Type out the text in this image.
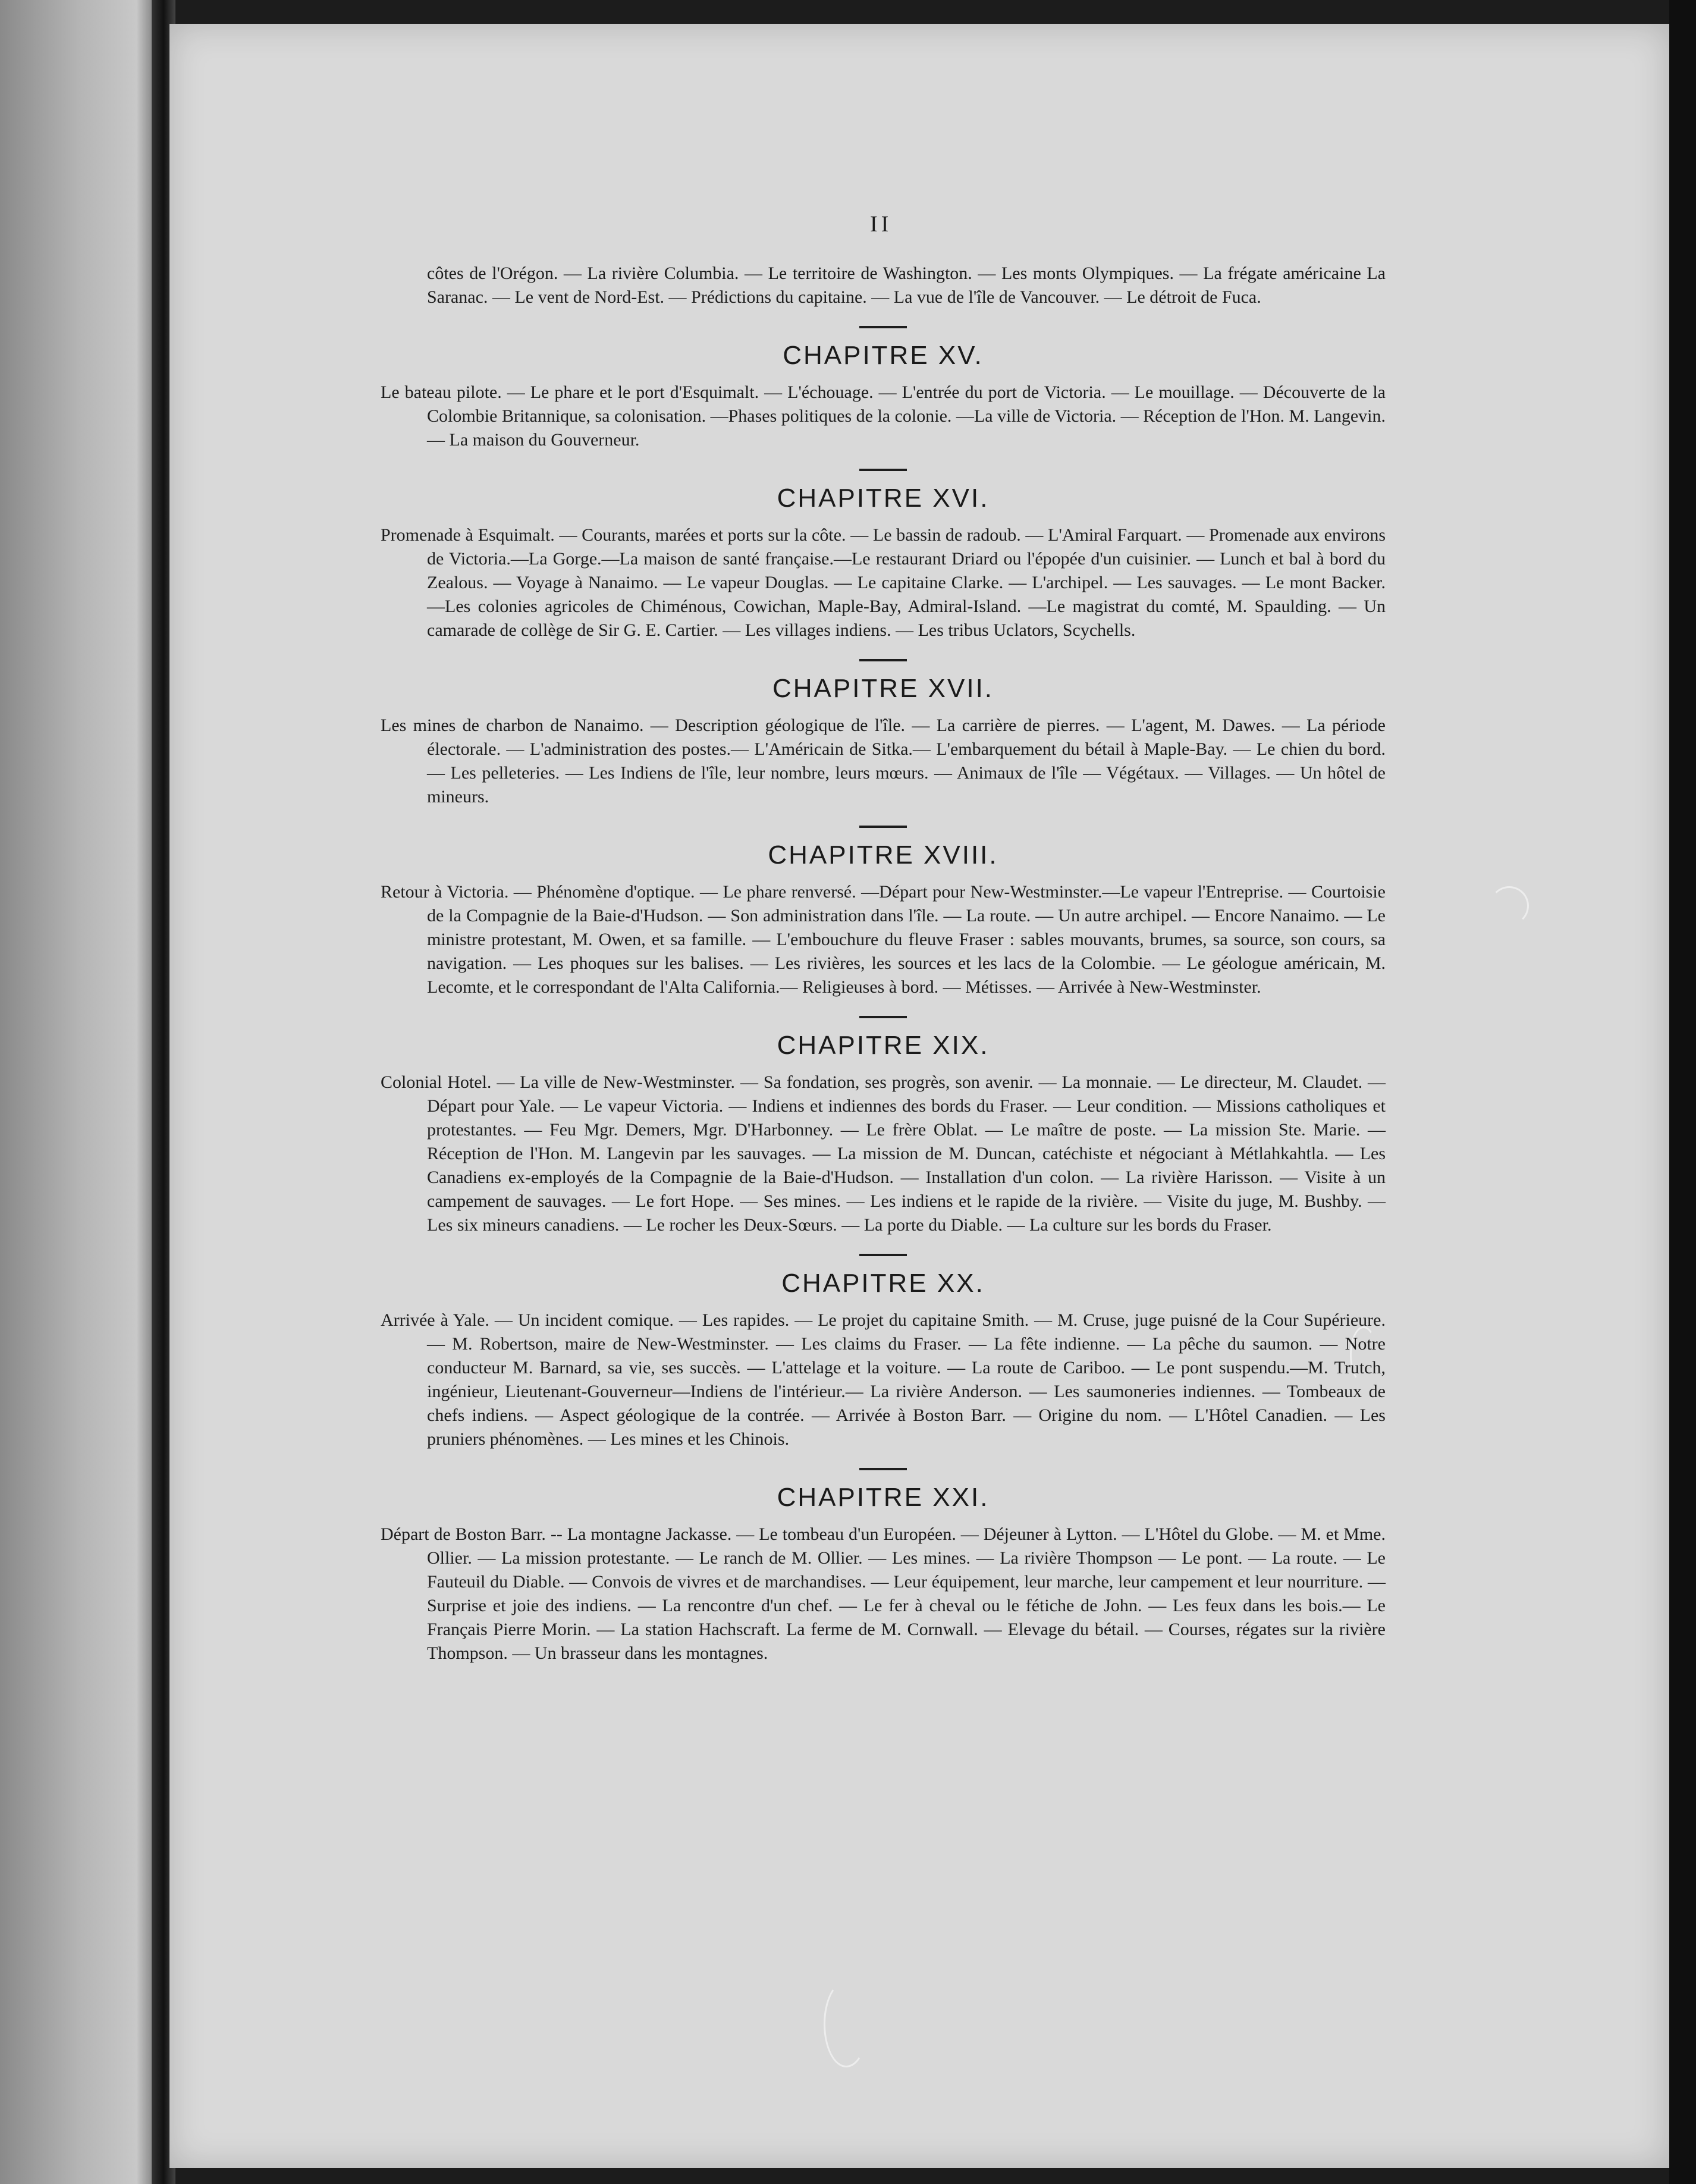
II

côtes de l'Orégon. — La rivière Columbia. — Le territoire de Washington. — Les monts Olympiques. — La frégate américaine La Saranac. — Le vent de Nord-Est. — Prédictions du capitaine. — La vue de l'île de Vancouver. — Le détroit de Fuca.

CHAPITRE XV.

Le bateau pilote. — Le phare et le port d'Esquimalt. — L'échouage. — L'entrée du port de Victoria. — Le mouillage. — Découverte de la Colombie Britannique, sa colonisation. —Phases politiques de la colonie. —La ville de Victoria. — Réception de l'Hon. M. Langevin. — La maison du Gouverneur.

CHAPITRE XVI.

Promenade à Esquimalt. — Courants, marées et ports sur la côte. — Le bassin de radoub. — L'Amiral Farquart. — Promenade aux environs de Victoria.—La Gorge.—La maison de santé française.—Le restaurant Driard ou l'épopée d'un cuisinier. — Lunch et bal à bord du Zealous. — Voyage à Nanaimo. — Le vapeur Douglas. — Le capitaine Clarke. — L'archipel. — Les sauvages. — Le mont Backer. —Les colonies agricoles de Chiménous, Cowichan, Maple-Bay, Admiral-Island. —Le magistrat du comté, M. Spaulding. — Un camarade de collège de Sir G. E. Cartier. — Les villages indiens. — Les tribus Uclators, Scychells.

CHAPITRE XVII.

Les mines de charbon de Nanaimo. — Description géologique de l'île. — La carrière de pierres. — L'agent, M. Dawes. — La période électorale. — L'administration des postes.— L'Américain de Sitka.— L'embarquement du bétail à Maple-Bay. — Le chien du bord. — Les pelleteries. — Les Indiens de l'île, leur nombre, leurs mœurs. — Animaux de l'île — Végétaux. — Villages. — Un hôtel de mineurs.

CHAPITRE XVIII.

Retour à Victoria. — Phénomène d'optique. — Le phare renversé. —Départ pour New-Westminster.—Le vapeur l'Entreprise. — Courtoisie de la Compagnie de la Baie-d'Hudson. — Son administration dans l'île. — La route. — Un autre archipel. — Encore Nanaimo. — Le ministre protestant, M. Owen, et sa famille. — L'embouchure du fleuve Fraser : sables mouvants, brumes, sa source, son cours, sa navigation. — Les phoques sur les balises. — Les rivières, les sources et les lacs de la Colombie. — Le géologue américain, M. Lecomte, et le correspondant de l'Alta California.— Religieuses à bord. — Métisses. — Arrivée à New-Westminster.

CHAPITRE XIX.

Colonial Hotel. — La ville de New-Westminster. — Sa fondation, ses progrès, son avenir. — La monnaie. — Le directeur, M. Claudet. — Départ pour Yale. — Le vapeur Victoria. — Indiens et indiennes des bords du Fraser. — Leur condition. — Missions catholiques et protestantes. — Feu Mgr. Demers, Mgr. D'Harbonney. — Le frère Oblat. — Le maître de poste. — La mission Ste. Marie. — Réception de l'Hon. M. Langevin par les sauvages. — La mission de M. Duncan, catéchiste et négociant à Métlahkahtla. — Les Canadiens ex-employés de la Compagnie de la Baie-d'Hudson. — Installation d'un colon. — La rivière Harisson. — Visite à un campement de sauvages. — Le fort Hope. — Ses mines. — Les indiens et le rapide de la rivière. — Visite du juge, M. Bushby. — Les six mineurs canadiens. — Le rocher les Deux-Sœurs. — La porte du Diable. — La culture sur les bords du Fraser.

CHAPITRE XX.

Arrivée à Yale. — Un incident comique. — Les rapides. — Le projet du capitaine Smith. — M. Cruse, juge puisné de la Cour Supérieure. — M. Robertson, maire de New-Westminster. — Les claims du Fraser. — La fête indienne. — La pêche du saumon. — Notre conducteur M. Barnard, sa vie, ses succès. — L'attelage et la voiture. — La route de Cariboo. — Le pont suspendu.—M. Trutch, ingénieur, Lieutenant-Gouverneur—Indiens de l'intérieur.— La rivière Anderson. — Les saumoneries indiennes. — Tombeaux de chefs indiens. — Aspect géologique de la contrée. — Arrivée à Boston Barr. — Origine du nom. — L'Hôtel Canadien. — Les pruniers phénomènes. — Les mines et les Chinois.

CHAPITRE XXI.

Départ de Boston Barr. -- La montagne Jackasse. — Le tombeau d'un Européen. — Déjeuner à Lytton. — L'Hôtel du Globe. — M. et Mme. Ollier. — La mission protestante. — Le ranch de M. Ollier. — Les mines. — La rivière Thompson — Le pont. — La route. — Le Fauteuil du Diable. — Convois de vivres et de marchandises. — Leur équipement, leur marche, leur campement et leur nourriture. — Surprise et joie des indiens. — La rencontre d'un chef. — Le fer à cheval ou le fétiche de John. — Les feux dans les bois.— Le Français Pierre Morin. — La station Hachscraft. La ferme de M. Cornwall. — Elevage du bétail. — Courses, régates sur la rivière Thompson. — Un brasseur dans les montagnes.
